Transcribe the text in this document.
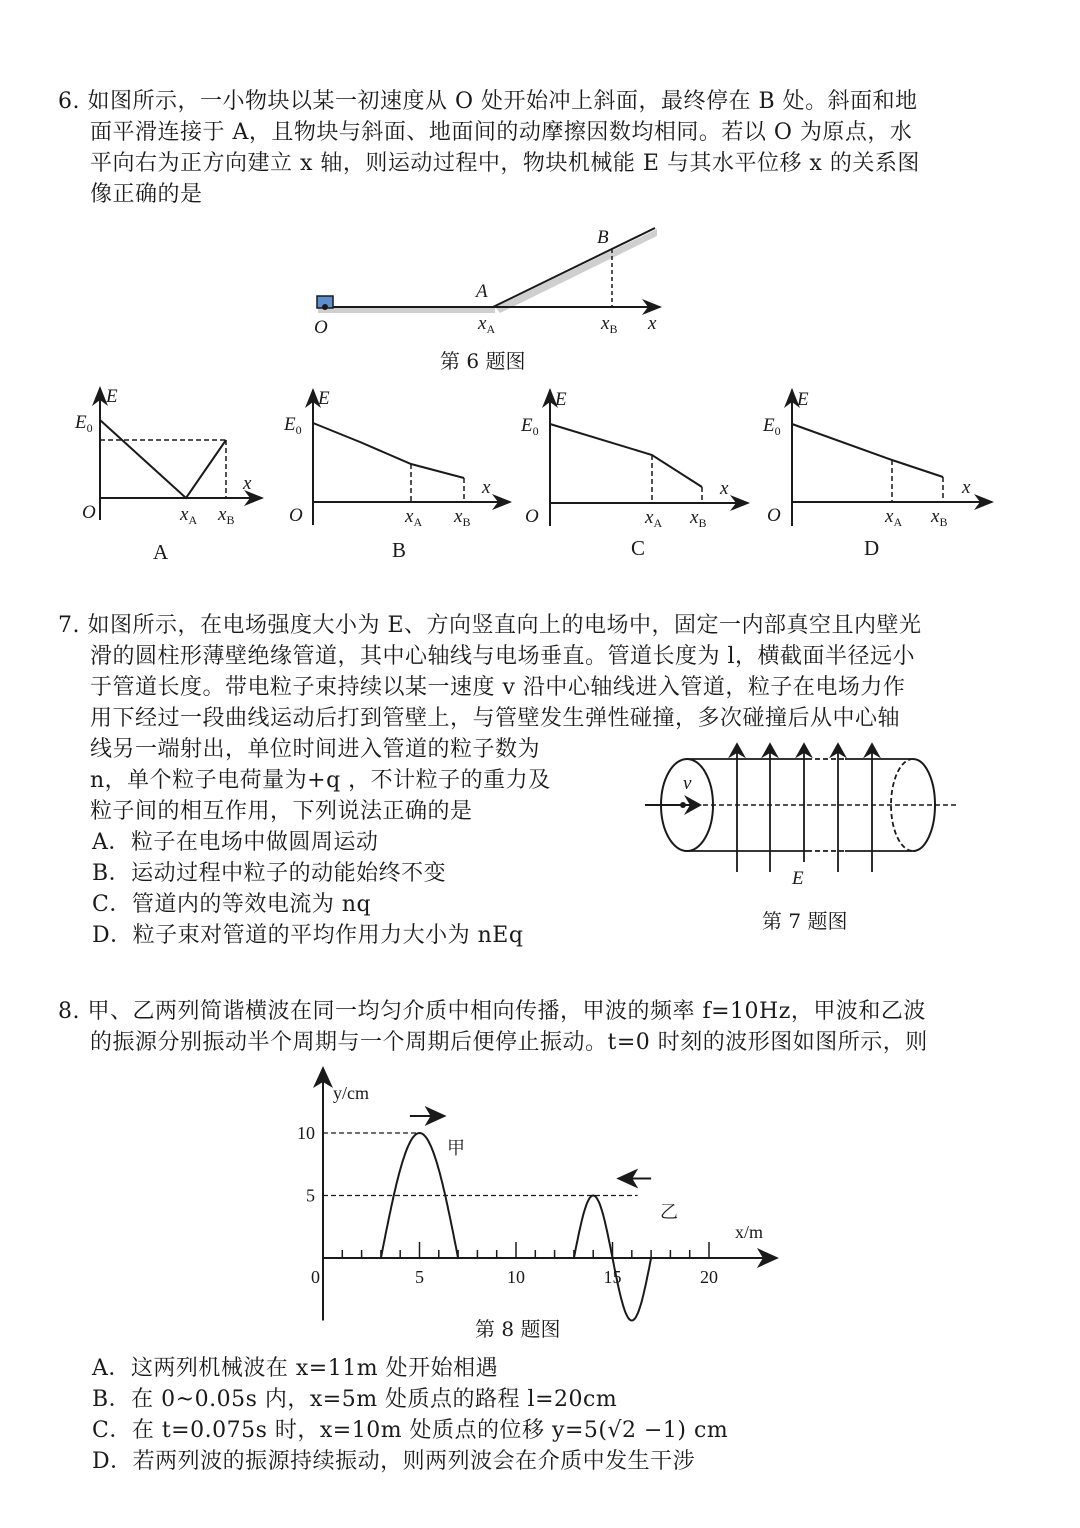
6. 如图所示，一小物块以某一初速度从 O 处开始冲上斜面，最终停在 B 处。斜面和地
面平滑连接于 A，且物块与斜面、地面间的动摩擦因数均相同。若以 O 为原点，水
平向右为正方向建立 x 轴，则运动过程中，物块机械能 E 与其水平位移 x 的关系图
像正确的是
O
A
B
$x_A$	$x_B$ x
第 6 题图
E
$E_0$
O
x
$x_A$ $x_B$
E
$E_0$
O
x
$x_A$ $x_B$
E
$E_0$
O
x
$x_A$ $x_B$
E
$E_0$
O
x
$x_A$ $x_B$
A	B	C	D
7. 如图所示，在电场强度大小为 E、方向竖直向上的电场中，固定一内部真空且内壁光
滑的圆柱形薄壁绝缘管道，其中心轴线与电场垂直。管道长度为 l，横截面半径远小
于管道长度。带电粒子束持续以某一速度 v 沿中心轴线进入管道，粒子在电场力作
用下经过一段曲线运动后打到管壁上，与管壁发生弹性碰撞，多次碰撞后从中心轴
线另一端射出，单位时间进入管道的粒子数为
n，单个粒子电荷量为+q ，不计粒子的重力及
粒子间的相互作用，下列说法正确的是
A．粒子在电场中做圆周运动
B．运动过程中粒子的动能始终不变
C．管道内的等效电流为 nq
D．粒子束对管道的平均作用力大小为 nEq
v
E
第 7 题图
8. 甲、乙两列简谐横波在同一均匀介质中相向传播，甲波的频率 f=10Hz，甲波和乙波
的振源分别振动半个周期与一个周期后便停止振动。t=0 时刻的波形图如图所示，则
0	5	10	15	20
5
10
甲
乙
y/cm
x/m
第 8 题图
A．这两列机械波在 x=11m 处开始相遇
B．在 0~0.05s 内，x=5m 处质点的路程 l=20cm
C．在 t=0.075s 时，x=10m 处质点的位移 y=5(√2 −1) cm
D．若两列波的振源持续振动，则两列波会在介质中发生干涉
